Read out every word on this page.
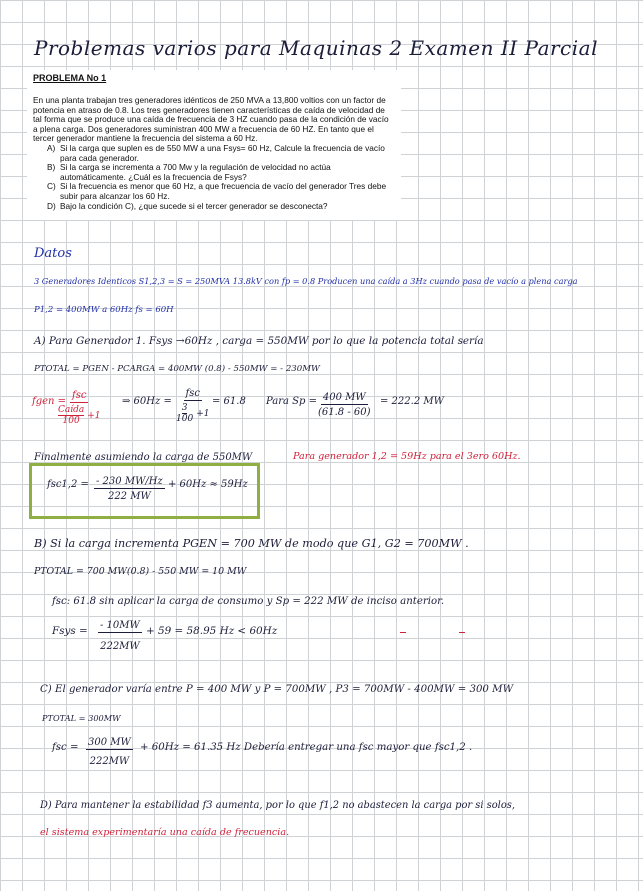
Problemas varios para Maquinas 2 Examen II Parcial
PROBLEMA No 1
En una planta trabajan tres generadores idénticos de 250 MVA a 13,800 voltios con un factor de potencia en atraso de 0.8. Los tres generadores tienen características de caída de velocidad de tal forma que se produce una caída de frecuencia de 3 HZ cuando pasa de la condición de vacío a plena carga. Dos generadores suministran 400 MW a frecuencia de 60 HZ. En tanto que el tercer generador mantiene la frecuencia del sistema a 60 Hz.
A) Si la carga que suplen es de 550 MW a una Fsys= 60 Hz, Calcule la frecuencia de vacío para cada generador.
B) Si la carga se incrementa a 700 Mw y la regulación de velocidad no actúa automáticamente. ¿Cuál es la frecuencia de Fsys?
C) Si la frecuencia es menor que 60 Hz, a que frecuencia de vacío del generador Tres debe subir para alcanzar los 60 Hz.
D) Bajo la condición C), ¿que sucede si el tercer generador se desconecta?
Datos
3 Generadores Identicos S1,2,3 = S = 250MVA 13.8kV con fp = 0.8 Producen una caída a 3Hz cuando pasa de vacío a plena carga
P1,2 = 400MW a 60Hz fs = 60H
A) Para Generador 1. Fsys →60Hz , carga = 550MW por lo que la potencia total sería
PTOTAL = PGEN - PCARGA = 400MW (0.8) - 550MW = - 230MW
fgen =
fsc
Caída
100
+1
⇒ 60Hz =
fsc
$\frac{3}{100} +1$
= 61.8 Para $Sp = \frac{400 MW}{(61.8 - 60)} = 222.2$ MW
Finalmente asumiendo la carga de 550MW	Para generador 1,2 = 59Hz para el 3ero 60Hz.
$fsc1,2 = \frac{- 230 MW/Hz}{222 MW} + 60Hz \approx 59Hz$
B) Si la carga incrementa PGEN = 700 MW de modo que G1, G2 = 700MW .
PTOTAL = 700 MW(0.8) - 550 MW = 10 MW
fsc: 61.8 sin aplicar la carga de consumo y Sp = 222 MW de inciso anterior.
Fsys = $\frac{- 10MW}{222MW} + 59 = 58.95$ Hz < 60Hz
C) El generador varía entre P = 400 MW y P = 700MW , P3 = 700MW - 400MW = 300 MW
PTOTAL = 300MW
fsc = $\frac{300 MW}{222MW} + 60Hz = 61.35$ Hz Debería entregar una fsc mayor que fsc1,2 .
D) Para mantener la estabilidad f3 aumenta, por lo que f1,2 no abastecen la carga por si solos,
el sistema experimentaría una caída de frecuencia.
